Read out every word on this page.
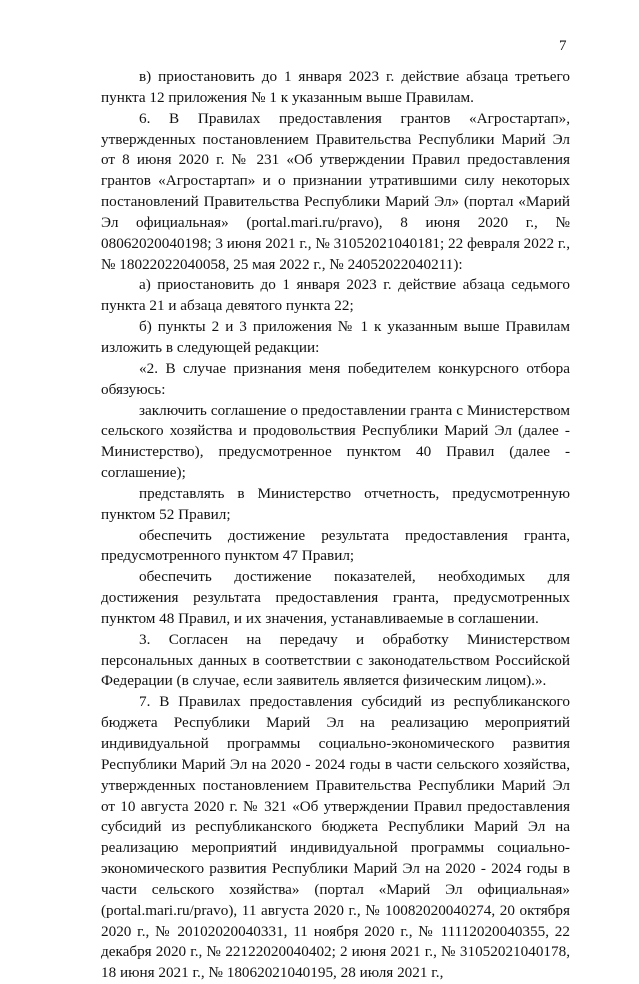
7

в) приостановить до 1 января 2023 г. действие абзаца третьего пункта 12 приложения № 1 к указанным выше Правилам.

6. В Правилах предоставления грантов «Агростартап», утвержденных постановлением Правительства Республики Марий Эл от 8 июня 2020 г. № 231 «Об утверждении Правил предоставления грантов «Агростартап» и о признании утратившими силу некоторых постановлений Правительства Республики Марий Эл» (портал «Марий Эл официальная» (portal.mari.ru/pravo), 8 июня 2020 г., № 08062020040198; 3 июня 2021 г., № 31052021040181; 22 февраля 2022 г., № 18022022040058, 25 мая 2022 г., № 24052022040211):

а) приостановить до 1 января 2023 г. действие абзаца седьмого пункта 21 и абзаца девятого пункта 22;

б) пункты 2 и 3 приложения № 1 к указанным выше Правилам изложить в следующей редакции:

«2. В случае признания меня победителем конкурсного отбора обязуюсь:

заключить соглашение о предоставлении гранта с Министерством сельского хозяйства и продовольствия Республики Марий Эл (далее - Министерство), предусмотренное пунктом 40 Правил (далее - соглашение);

представлять в Министерство отчетность, предусмотренную пунктом 52 Правил;

обеспечить достижение результата предоставления гранта, предусмотренного пунктом 47 Правил;

обеспечить достижение показателей, необходимых для достижения результата предоставления гранта, предусмотренных пунктом 48 Правил, и их значения, устанавливаемые в соглашении.

3. Согласен на передачу и обработку Министерством персональных данных в соответствии с законодательством Российской Федерации (в случае, если заявитель является физическим лицом).».

7. В Правилах предоставления субсидий из республиканского бюджета Республики Марий Эл на реализацию мероприятий индивидуальной программы социально-экономического развития Республики Марий Эл на 2020 - 2024 годы в части сельского хозяйства, утвержденных постановлением Правительства Республики Марий Эл от 10 августа 2020 г. № 321 «Об утверждении Правил предоставления субсидий из республиканского бюджета Республики Марий Эл на реализацию мероприятий индивидуальной программы социально-экономического развития Республики Марий Эл на 2020 - 2024 годы в части сельского хозяйства» (портал «Марий Эл официальная» (portal.mari.ru/pravo), 11 августа 2020 г., № 10082020040274, 20 октября 2020 г., № 20102020040331, 11 ноября 2020 г., № 11112020040355, 22 декабря 2020 г., № 22122020040402; 2 июня 2021 г., № 31052021040178, 18 июня 2021 г., № 18062021040195, 28 июля 2021 г.,
